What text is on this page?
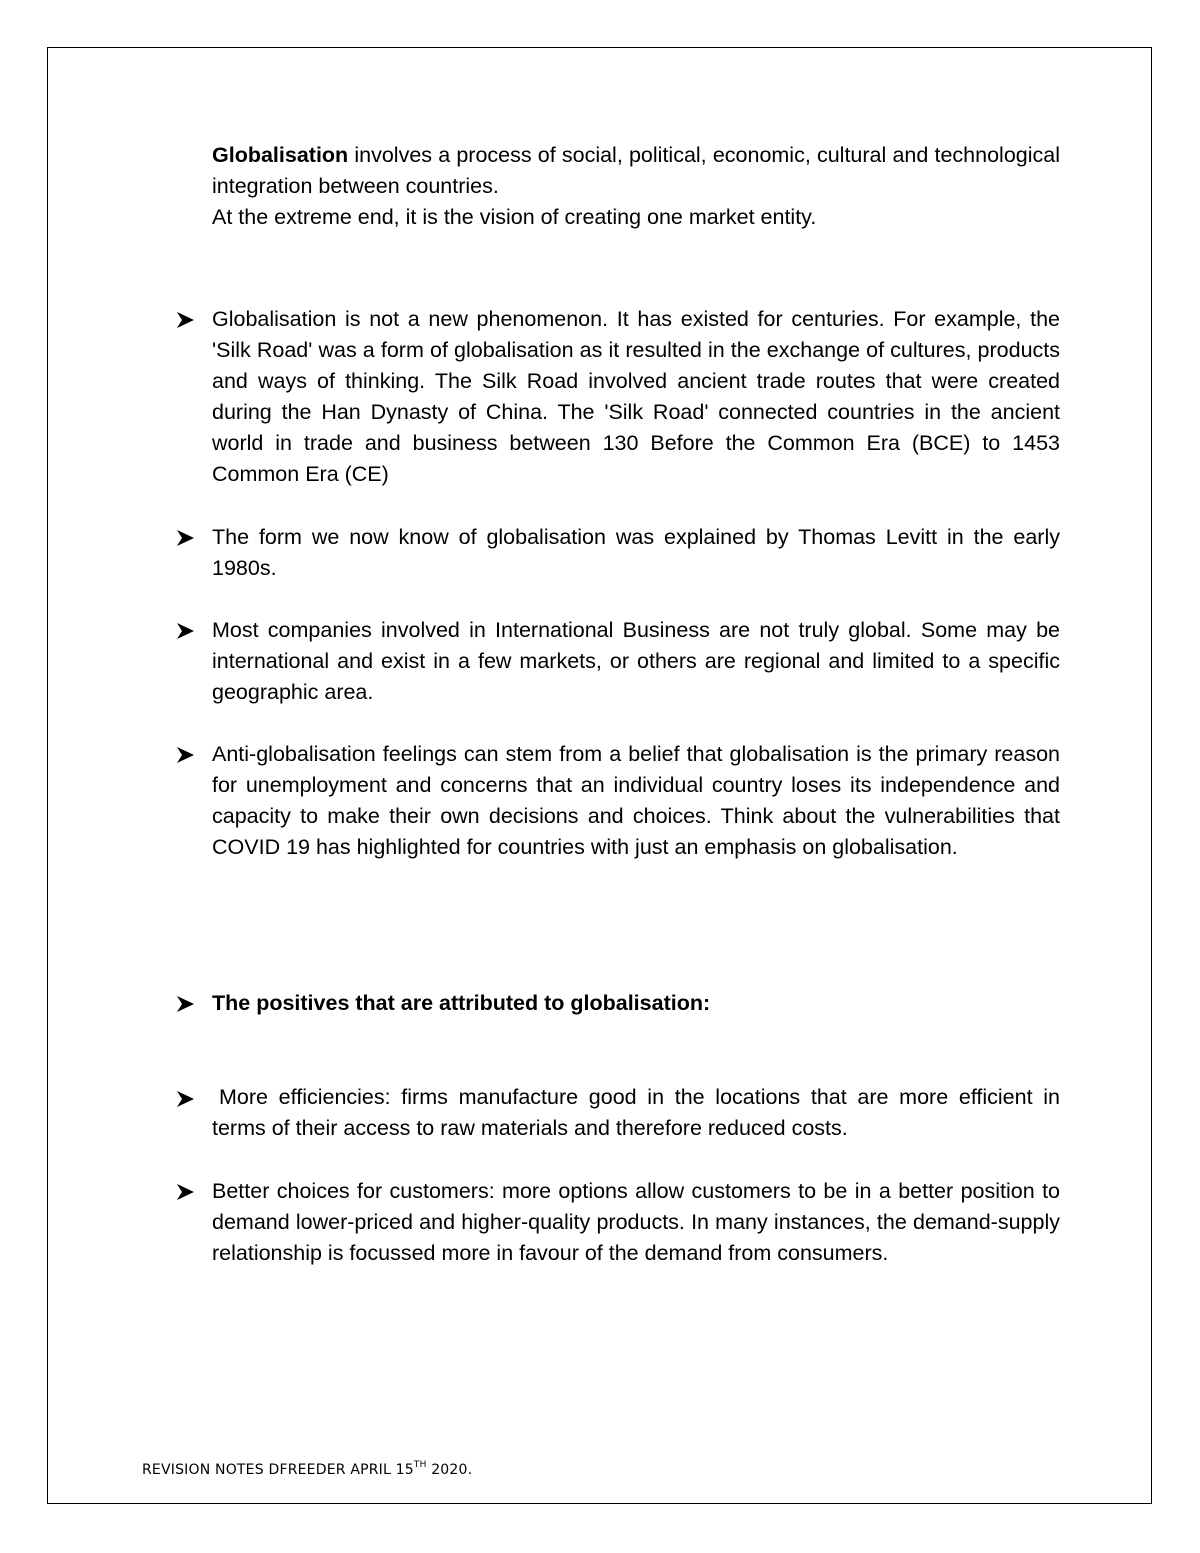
Globalisation involves a process of social, political, economic, cultural and technological integration between countries.
At the extreme end, it is the vision of creating one market entity.
Globalisation is not a new phenomenon. It has existed for centuries. For example, the 'Silk Road' was a form of globalisation as it resulted in the exchange of cultures, products and ways of thinking. The Silk Road involved ancient trade routes that were created during the Han Dynasty of China. The 'Silk Road' connected countries in the ancient world in trade and business between 130 Before the Common Era (BCE) to 1453 Common Era (CE)
The form we now know of globalisation was explained by Thomas Levitt in the early 1980s.
Most companies involved in International Business are not truly global. Some may be international and exist in a few markets, or others are regional and limited to a specific geographic area.
Anti-globalisation feelings can stem from a belief that globalisation is the primary reason for unemployment and concerns that an individual country loses its independence and capacity to make their own decisions and choices. Think about the vulnerabilities that COVID 19 has highlighted for countries with just an emphasis on globalisation.
The positives that are attributed to globalisation:
More efficiencies: firms manufacture good in the locations that are more efficient in terms of their access to raw materials and therefore reduced costs.
Better choices for customers: more options allow customers to be in a better position to demand lower-priced and higher-quality products. In many instances, the demand-supply relationship is focussed more in favour of the demand from consumers.
REVISION NOTES DFREEDER APRIL 15TH 2020.
